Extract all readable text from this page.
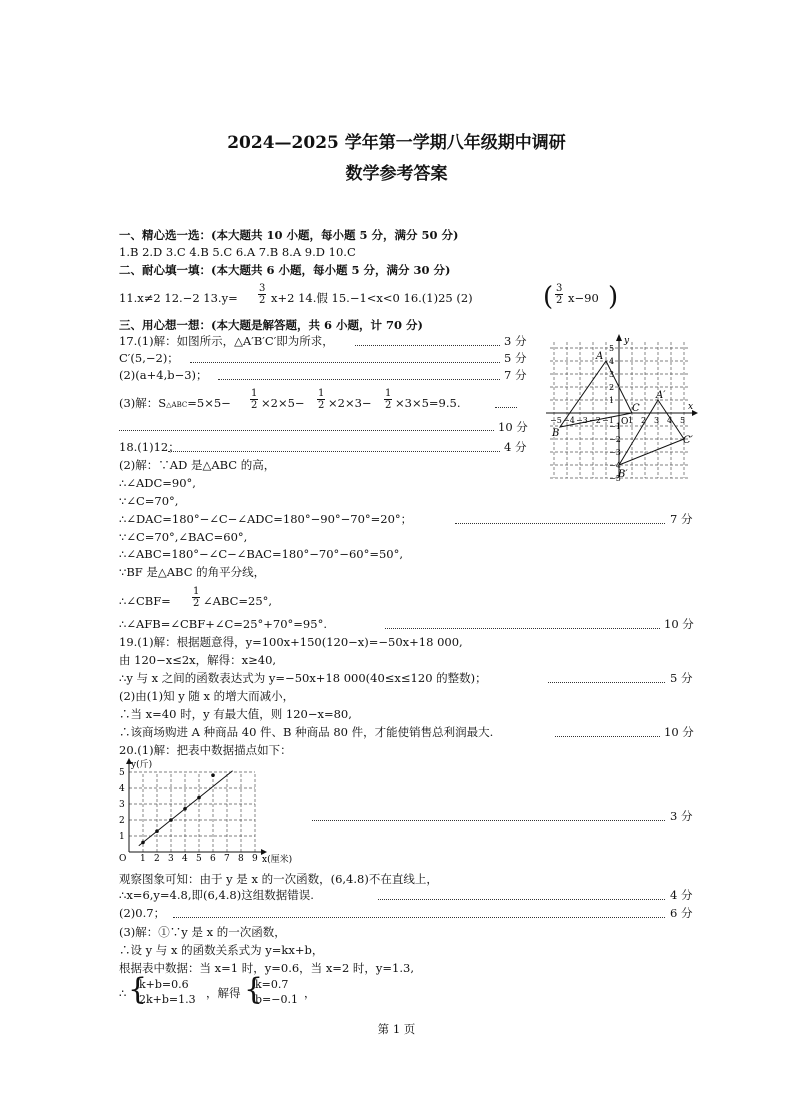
2024—2025 学年第一学期八年级期中调研
数学参考答案
一、精心选一选：(本大题共 10 小题，每小题 5 分，满分 50 分)
1.B 2.D 3.C 4.B 5.C 6.A 7.B 8.A 9.D 10.C
二、耐心填一填：(本大题共 6 小题，每小题 5 分，满分 30 分)
11.x≠2 12.−2 $13.y= \frac{3}{2} x+2$ 14.假 15.−1<x<0 16.(1)25 (2)	( $\frac{3}{2} x-90$ )
三、用心想一想：(本大题是解答题，共 6 小题，计 70 分)
17.(1)解：如图所示，△A′B′C′即为所求，	3 分
C′(5,−2)；	5 分
(2)(a+4,b−3)；	7 分
(3)解：S△ABC=5×5− $\frac{1}{2} \times 2\times 5- \frac{1}{2} \times 2\times 3- \frac{1}{2} \times 3\times 5=9.5$.
10 分
y
x
O
−5 −4 −3 −2 −1 1 2 3 4 5
5
4
3
2
1
−1
−2
−3
−4
−5
A
B
C
A′
B′
C′
18.(1)12；	4 分
(2)解：∵AD 是△ABC 的高，
∴∠ADC=90°,
∵∠C=70°,
∴∠DAC=180°−∠C−∠ADC=180°−90°−70°=20°；	7 分
∵∠C=70°,∠BAC=60°,
∴∠ABC=180°−∠C−∠BAC=180°−70°−60°=50°,
∵BF 是△ABC 的角平分线，
∴∠CBF= $\frac{1}{2}$ ∠ABC=25°,
∴∠AFB=∠CBF+∠C=25°+70°=95°.	10 分
19.(1)解：根据题意得，y=100x+150(120−x)=−50x+18 000,
由 120−x≤2x，解得：x≥40,
∴y 与 x 之间的函数表达式为 y=−50x+18 000(40≤x≤120 的整数)；	5 分
(2)由(1)知 y 随 x 的增大而减小，
∴当 x=40 时，y 有最大值，则 120−x=80,
∴该商场购进 A 种商品 40 件、B 种商品 80 件，才能使销售总利润最大.	10 分
20.(1)解：把表中数据描点如下：
y(斤)
x(厘米)
O 1 2 3 4 5 6 7 8 9
1
2
3
4
5
3 分
观察图象可知：由于 y 是 x 的一次函数，(6,4.8)不在直线上，
∴x=6,y=4.8,即(6,4.8)这组数据错误.	4 分
(2)0.7；	6 分
(3)解：①∵y 是 x 的一次函数，
∴设 y 与 x 的函数关系式为 y=kx+b，
根据表中数据：当 x=1 时，y=0.6，当 x=2 时，y=1.3,
∴ {
k+b=0.6
2k+b=1.3 ，解得 {
k=0.7
b=−0.1 ，
第 1 页
